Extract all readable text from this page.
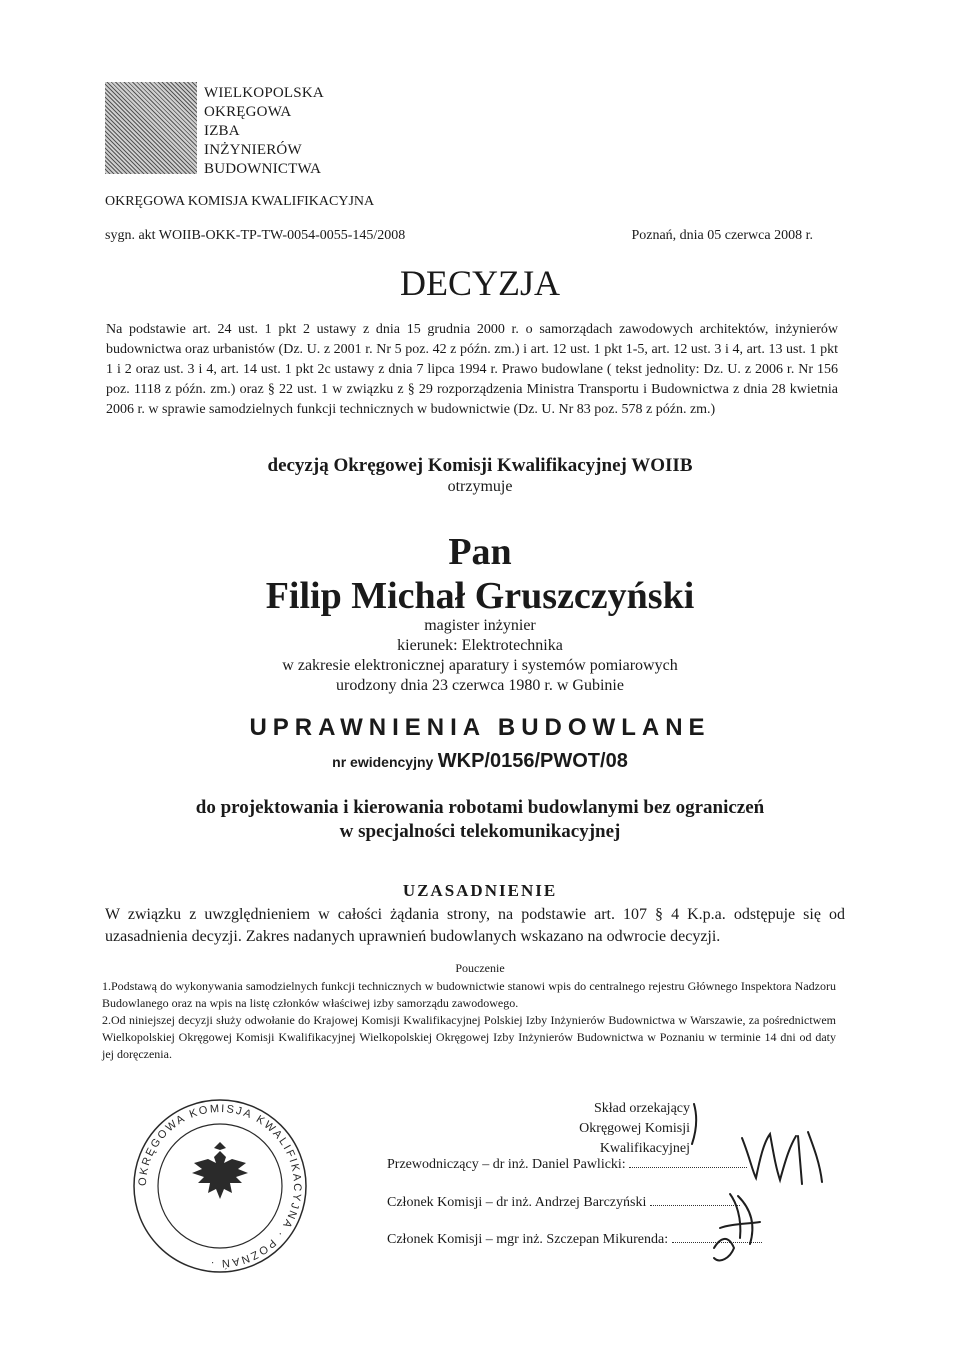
WIELKOPOLSKA
OKRĘGOWA
IZBA
INŻYNIERÓW
BUDOWNICTWA
OKRĘGOWA KOMISJA KWALIFIKACYJNA
sygn. akt WOIIB-OKK-TP-TW-0054-0055-145/2008	Poznań, dnia 05 czerwca 2008 r.
DECYZJA
Na podstawie art. 24 ust. 1 pkt 2 ustawy z dnia 15 grudnia 2000 r. o samorządach zawodowych architektów, inżynierów budownictwa oraz urbanistów (Dz. U. z 2001 r. Nr 5 poz. 42 z późn. zm.) i art. 12 ust. 1 pkt 1-5, art. 12 ust. 3 i 4, art. 13 ust. 1 pkt 1 i 2 oraz ust. 3 i 4, art. 14 ust. 1 pkt 2c ustawy z dnia 7 lipca 1994 r. Prawo budowlane ( tekst jednolity: Dz. U. z 2006 r. Nr 156 poz. 1118 z późn. zm.) oraz § 22 ust. 1 w związku z § 29 rozporządzenia Ministra Transportu i Budownictwa z dnia 28 kwietnia 2006 r. w sprawie samodzielnych funkcji technicznych w budownictwie (Dz. U. Nr 83 poz. 578 z późn. zm.)
decyzją Okręgowej Komisji Kwalifikacyjnej WOIIB
otrzymuje
Pan
Filip Michał Gruszczyński
magister inżynier
kierunek: Elektrotechnika
w zakresie elektronicznej aparatury i systemów pomiarowych
urodzony dnia 23 czerwca 1980 r. w Gubinie
UPRAWNIENIA BUDOWLANE
nr ewidencyjny WKP/0156/PWOT/08
do projektowania i kierowania robotami budowlanymi bez ograniczeń
w specjalności telekomunikacyjnej
UZASADNIENIE
W związku z uwzględnieniem w całości żądania strony, na podstawie art. 107 § 4 K.p.a. odstępuje się od uzasadnienia decyzji. Zakres nadanych uprawnień budowlanych wskazano na odwrocie decyzji.
Pouczenie

1.Podstawą do wykonywania samodzielnych funkcji technicznych w budownictwie stanowi wpis do centralnego rejestru Głównego Inspektora Nadzoru Budowlanego oraz na wpis na listę członków właściwej izby samorządu zawodowego.

2.Od niniejszej decyzji służy odwołanie do Krajowej Komisji Kwalifikacyjnej Polskiej Izby Inżynierów Budownictwa w Warszawie, za pośrednictwem Wielkopolskiej Okręgowej Komisji Kwalifikacyjnej Wielkopolskiej Okręgowej Izby Inżynierów Budownictwa w Poznaniu w terminie 14 dni od daty jej doręczenia.

OKRĘGOWA KOMISJA KWALIFIKACYJNA · POZNAŃ ·
Skład orzekający
Okręgowej Komisji Kwalifikacyjnej
Przewodniczący – dr inż. Daniel Pawlicki:
Członek Komisji – dr inż. Andrzej Barczyński
Członek Komisji – mgr inż. Szczepan Mikurenda:
